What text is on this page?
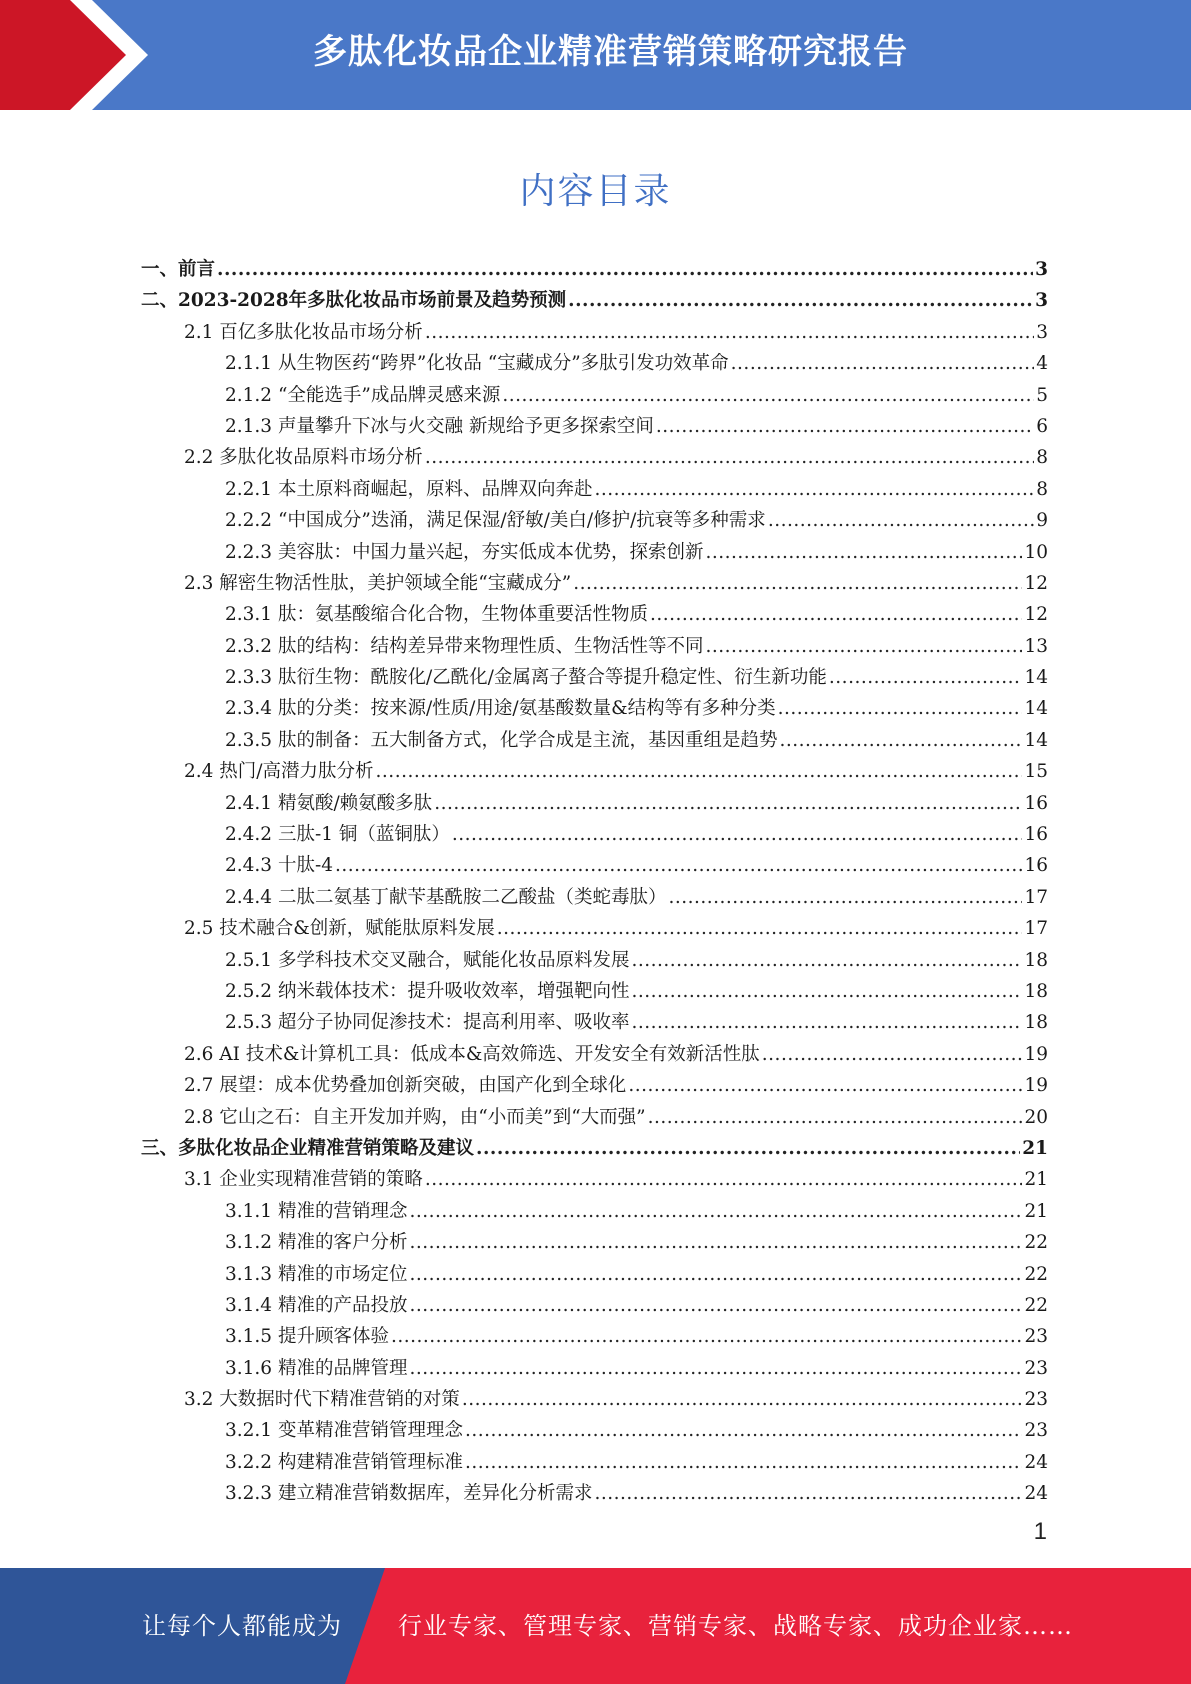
多肽化妆品企业精准营销策略研究报告
内容目录
一、前言 .....	3
二、2023-2028年多肽化妆品市场前景及趋势预测 .....	3
2.1 百亿多肽化妆品市场分析 .....	3
2.1.1 从生物医药“跨界”化妆品 “宝藏成分”多肽引发功效革命 .....	4
2.1.2 “全能选手”成品牌灵感来源 .....	5
2.1.3 声量攀升下冰与火交融 新规给予更多探索空间 .....	6
2.2 多肽化妆品原料市场分析 .....	8
2.2.1 本土原料商崛起，原料、品牌双向奔赴 .....	8
2.2.2 “中国成分”迭涌，满足保湿/舒敏/美白/修护/抗衰等多种需求 .....	9
2.2.3 美容肽：中国力量兴起，夯实低成本优势，探索创新 .....	10
2.3 解密生物活性肽，美护领域全能“宝藏成分” .....	12
2.3.1 肽：氨基酸缩合化合物，生物体重要活性物质 .....	12
2.3.2 肽的结构：结构差异带来物理性质、生物活性等不同 .....	13
2.3.3 肽衍生物：酰胺化/乙酰化/金属离子螯合等提升稳定性、衍生新功能 .....	14
2.3.4 肽的分类：按来源/性质/用途/氨基酸数量&结构等有多种分类 .....	14
2.3.5 肽的制备：五大制备方式，化学合成是主流，基因重组是趋势 .....	14
2.4 热门/高潜力肽分析 .....	15
2.4.1 精氨酸/赖氨酸多肽 .....	16
2.4.2 三肽-1 铜（蓝铜肽） .....	16
2.4.3 十肽-4 .....	16
2.4.4 二肽二氨基丁献苄基酰胺二乙酸盐（类蛇毒肽） .....	17
2.5 技术融合&创新，赋能肽原料发展 .....	17
2.5.1 多学科技术交叉融合，赋能化妆品原料发展 .....	18
2.5.2 纳米载体技术：提升吸收效率，增强靶向性 .....	18
2.5.3 超分子协同促渗技术：提高利用率、吸收率 .....	18
2.6 AI 技术&计算机工具：低成本&高效筛选、开发安全有效新活性肽 .....	19
2.7 展望：成本优势叠加创新突破，由国产化到全球化 .....	19
2.8 它山之石：自主开发加并购，由“小而美”到“大而强” .....	20
三、多肽化妆品企业精准营销策略及建议 .....	21
3.1 企业实现精准营销的策略 .....	21
3.1.1 精准的营销理念 .....	21
3.1.2 精准的客户分析 .....	22
3.1.3 精准的市场定位 .....	22
3.1.4 精准的产品投放 .....	22
3.1.5 提升顾客体验 .....	23
3.1.6 精准的品牌管理 .....	23
3.2 大数据时代下精准营销的对策 .....	23
3.2.1 变革精准营销管理理念 .....	23
3.2.2 构建精准营销管理标准 .....	24
3.2.3 建立精准营销数据库，差异化分析需求 .....	24
1
让每个人都能成为 行业专家、管理专家、营销专家、战略专家、成功企业家……
